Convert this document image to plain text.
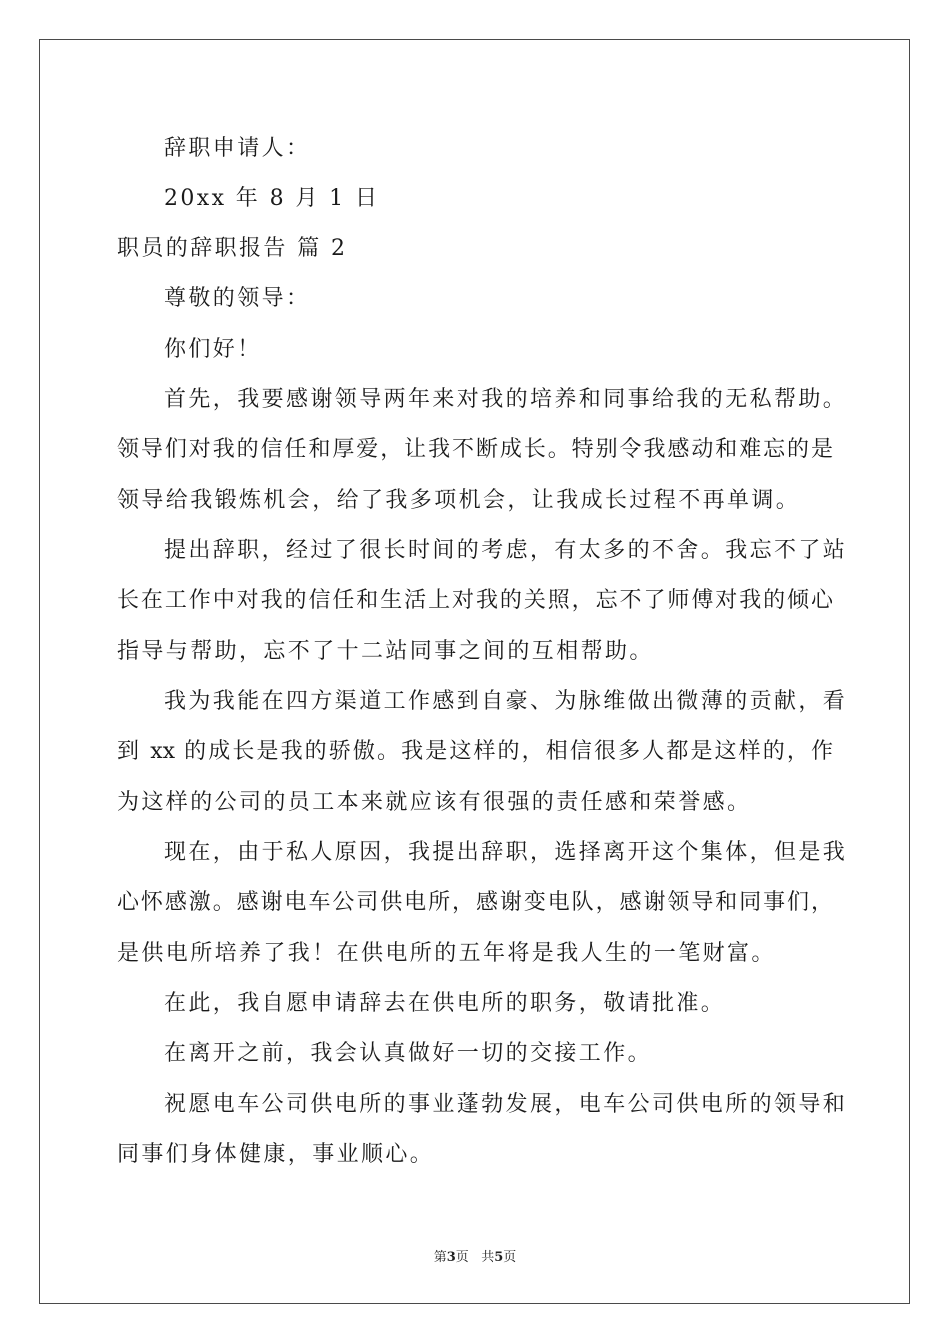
辞职申请人：
20xx 年 8 月 1 日
职员的辞职报告 篇 2
尊敬的领导：
你们好！
首先，我要感谢领导两年来对我的培养和同事给我的无私帮助。
领导们对我的信任和厚爱，让我不断成长。特别令我感动和难忘的是
领导给我锻炼机会，给了我多项机会，让我成长过程不再单调。
提出辞职，经过了很长时间的考虑，有太多的不舍。我忘不了站
长在工作中对我的信任和生活上对我的关照，忘不了师傅对我的倾心
指导与帮助，忘不了十二站同事之间的互相帮助。
我为我能在四方渠道工作感到自豪、为脉维做出微薄的贡献，看
到 xx 的成长是我的骄傲。我是这样的，相信很多人都是这样的，作
为这样的公司的员工本来就应该有很强的责任感和荣誉感。
现在，由于私人原因，我提出辞职，选择离开这个集体，但是我
心怀感激。感谢电车公司供电所，感谢变电队，感谢领导和同事们，
是供电所培养了我！在供电所的五年将是我人生的一笔财富。
在此，我自愿申请辞去在供电所的职务，敬请批准。
在离开之前，我会认真做好一切的交接工作。
祝愿电车公司供电所的事业蓬勃发展，电车公司供电所的领导和
同事们身体健康，事业顺心。
第3页 共5页
